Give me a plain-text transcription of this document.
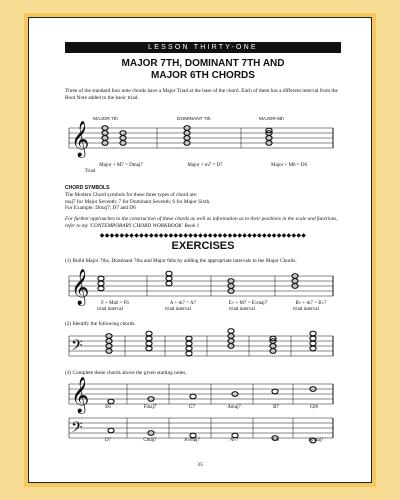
LESSON THIRTY-ONE
MAJOR 7TH, DOMINANT 7TH AND
MAJOR 6TH CHORDS
Three of the standard four note chords have a Major Triad at the base of the chord. Each of them has a different interval from the Root Note added to the basic triad.
MAJOR 7th	DOMINANT 7th	MAJOR 6th
Major + M7 = Dmaj7	Major + m7 = D7	Major + M6 = D6
Triad
CHORD SYMBOLS
The Modern Chord symbols for these three types of chord are:
maj7 for Major Seventh; 7 for Dominant Seventh; 6 for Major Sixth.
For Example: Dmaj7; D7 and D6
For further approaches to the construction of these chords as well as information as to their positions in the scale and functions, refer to my 'CONTEMPORARY CHORD WORKBOOK' Book 1
◆◆◆◆◆◆◆◆◆◆◆◆◆◆◆◆◆◆◆◆◆◆◆◆◆◆◆◆◆◆◆◆◆◆◆◆◆◆◆◆◆◆
EXERCISES
(1) Build Major 7ths, Dominant 7ths and Major 6ths by adding the appropriate intervals to the Major Chords.
F + Ma6 = F6	A + m7 = A7	E♭ + M7 = E♭maj7	B♭ + m7 = B♭7
triad interval	triad interval	triad interval	triad interval
(2) Identify the following chords.
(3) Complete these chords above the given starting notes.
E6	Fmaj7	G7	Amaj7	B7	C♯6
D7	Cmaj7	A♭maj7	A♭7	G6	F♯maj7
35
𝄞
𝄞
𝄢
𝄞
𝄢
